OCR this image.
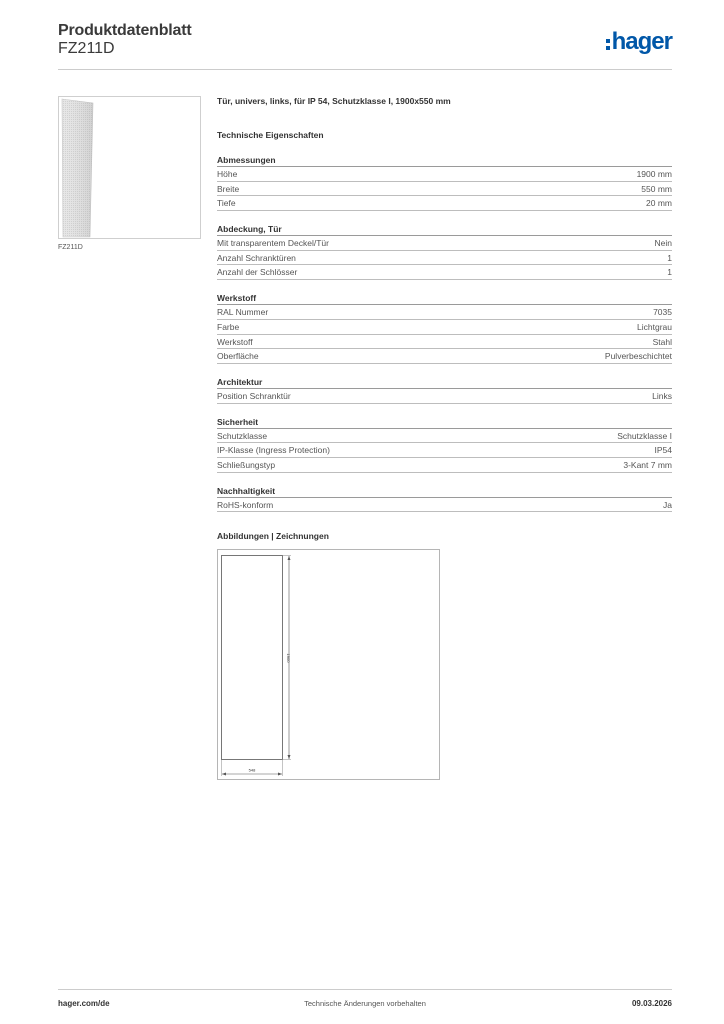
Produktdatenblatt
FZ211D	hager
FZ211D
Tür, univers, links, für IP 54, Schutzklasse I, 1900x550 mm
Technische Eigenschaften
Abmessungen
Höhe	1900 mm
Breite	550 mm
Tiefe	20 mm
Abdeckung, Tür
Mit transparentem Deckel/Tür	Nein
Anzahl Schranktüren	1
Anzahl der Schlösser	1
Werkstoff
RAL Nummer	7035
Farbe	Lichtgrau
Werkstoff	Stahl
Oberfläche	Pulverbeschichtet
Architektur
Position Schranktür	Links
Sicherheit
Schutzklasse	Schutzklasse I
IP-Klasse (Ingress Protection)	IP54
Schließungstyp	3-Kant 7 mm
Nachhaltigkeit
RoHS-konform	Ja
Abbildungen | Zeichnungen
1900
548
hager.com/de	Technische Änderungen vorbehalten	09.03.2026
